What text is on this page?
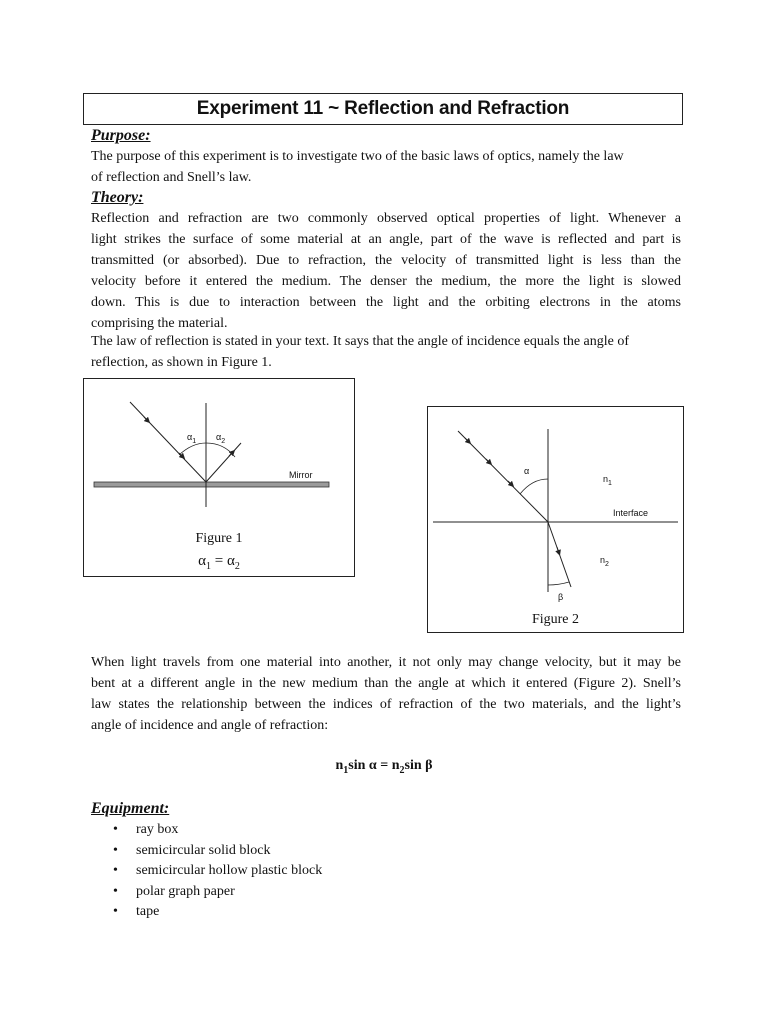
Experiment 11 ~ Reflection and Refraction
Purpose:
The purpose of this experiment is to investigate two of the basic laws of optics, namely the law
of reflection and Snell’s law.
Theory:
Reflection and refraction are two commonly observed optical properties of light. Whenever a
light strikes the surface of some material at an angle, part of the wave is reflected and part is
transmitted (or absorbed). Due to refraction, the velocity of transmitted light is less than the
velocity before it entered the medium. The denser the medium, the more the light is slowed
down. This is due to interaction between the light and the orbiting electrons in the atoms
comprising the material.
The law of reflection is stated in your text. It says that the angle of incidence equals the angle of
reflection, as shown in Figure 1.
$\alpha_1$ $\alpha_2$
Mirror
Figure 1
$\alpha_1 = \alpha_2$
α
$n_1$
Interface
$n_2$
β
Figure 2
When light travels from one material into another, it not only may change velocity, but it may be
bent at a different angle in the new medium than the angle at which it entered (Figure 2). Snell’s
law states the relationship between the indices of refraction of the two materials, and the light’s
angle of incidence and angle of refraction:
$n_1\sin$ $\alpha = n_2\sin$ β
Equipment:
• ray box
• semicircular solid block
• semicircular hollow plastic block
• polar graph paper
• tape
